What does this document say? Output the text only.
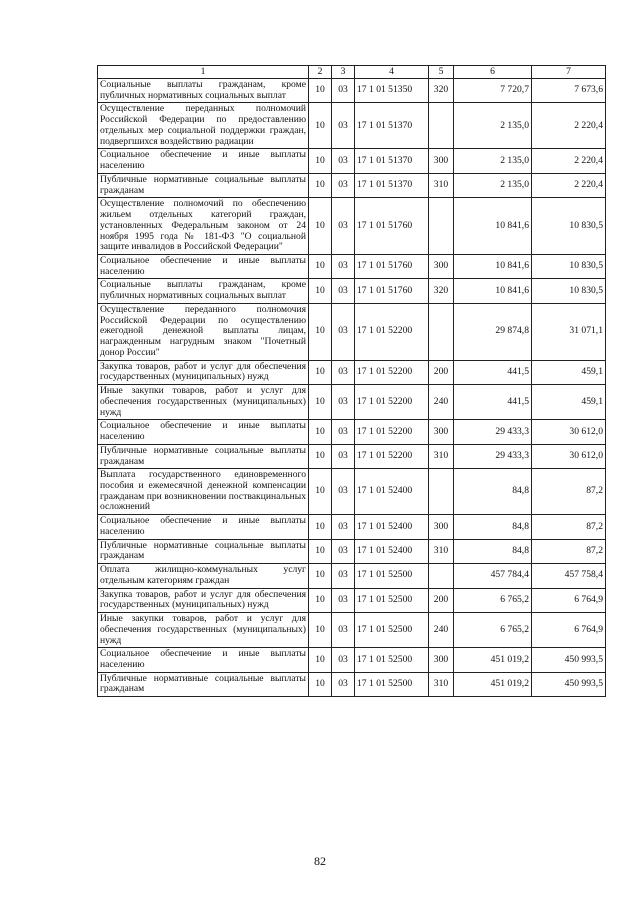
1	2	3	4	5	6	7
Социальные выплаты гражданам, кроме публичных нормативных социальных выплат	10	03	17 1 01 51350	320	7 720,7	7 673,6
Осуществление переданных полномочий Российской Федерации по предоставлению отдельных мер социальной поддержки граждан, подвергшихся воздействию радиации	10	03	17 1 01 51370		2 135,0	2 220,4
Социальное обеспечение и иные выплаты населению	10	03	17 1 01 51370	300	2 135,0	2 220,4
Публичные нормативные социальные выплаты гражданам	10	03	17 1 01 51370	310	2 135,0	2 220,4
Осуществление полномочий по обеспечению жильем отдельных категорий граждан, установленных Федеральным законом от 24 ноября 1995 года № 181-ФЗ "О социальной защите инвалидов в Российской Федерации"	10	03	17 1 01 51760		10 841,6	10 830,5
Социальное обеспечение и иные выплаты населению	10	03	17 1 01 51760	300	10 841,6	10 830,5
Социальные выплаты гражданам, кроме публичных нормативных социальных выплат	10	03	17 1 01 51760	320	10 841,6	10 830,5
Осуществление переданного полномочия Российской Федерации по осуществлению ежегодной денежной выплаты лицам, награжденным нагрудным знаком "Почетный донор России"	10	03	17 1 01 52200		29 874,8	31 071,1
Закупка товаров, работ и услуг для обеспечения государственных (муниципальных) нужд	10	03	17 1 01 52200	200	441,5	459,1
Иные закупки товаров, работ и услуг для обеспечения государственных (муниципальных) нужд	10	03	17 1 01 52200	240	441,5	459,1
Социальное обеспечение и иные выплаты населению	10	03	17 1 01 52200	300	29 433,3	30 612,0
Публичные нормативные социальные выплаты гражданам	10	03	17 1 01 52200	310	29 433,3	30 612,0
Выплата государственного единовременного пособия и ежемесячной денежной компенсации гражданам при возникновении поствакцинальных осложнений	10	03	17 1 01 52400		84,8	87,2
Социальное обеспечение и иные выплаты населению	10	03	17 1 01 52400	300	84,8	87,2
Публичные нормативные социальные выплаты гражданам	10	03	17 1 01 52400	310	84,8	87,2
Оплата жилищно-коммунальных услуг отдельным категориям граждан	10	03	17 1 01 52500		457 784,4	457 758,4
Закупка товаров, работ и услуг для обеспечения государственных (муниципальных) нужд	10	03	17 1 01 52500	200	6 765,2	6 764,9
Иные закупки товаров, работ и услуг для обеспечения государственных (муниципальных) нужд	10	03	17 1 01 52500	240	6 765,2	6 764,9
Социальное обеспечение и иные выплаты населению	10	03	17 1 01 52500	300	451 019,2	450 993,5
Публичные нормативные социальные выплаты гражданам	10	03	17 1 01 52500	310	451 019,2	450 993,5
82
